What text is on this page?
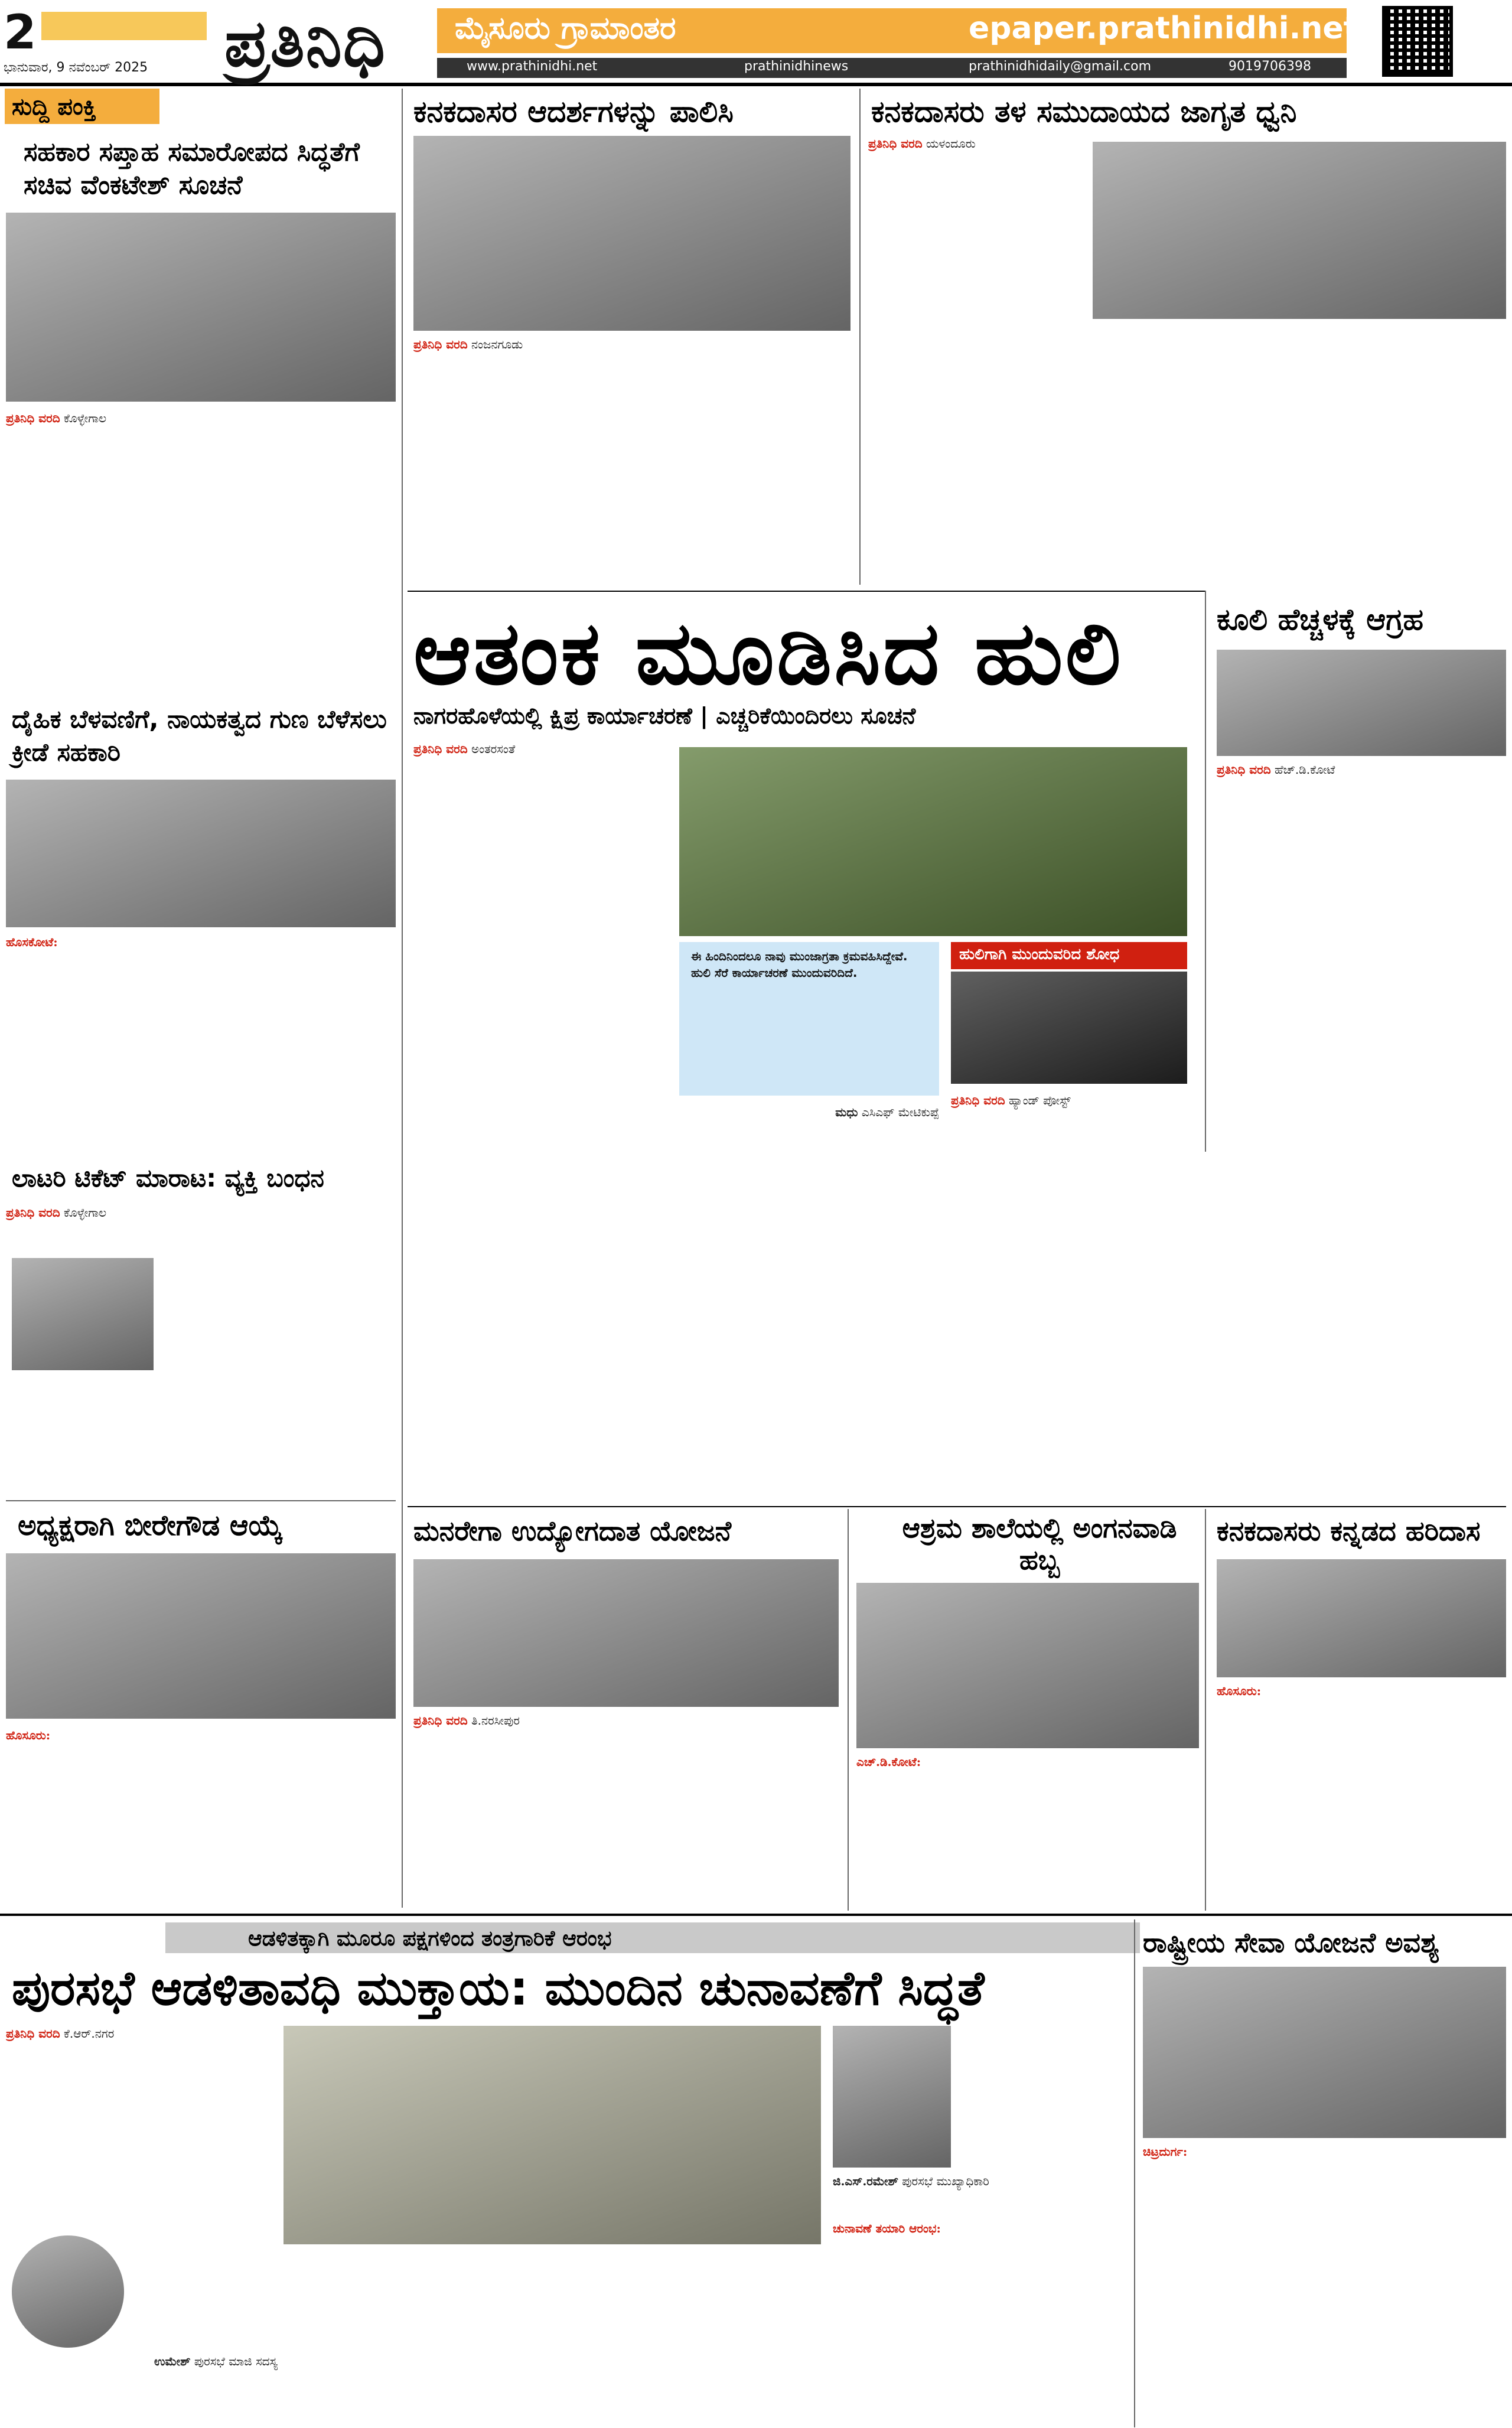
2
ಭಾನುವಾರ, 9 ನವೆಂಬರ್ 2025 ಪ್ರತಿನಿಧಿ ಮೈಸೂರು ಗ್ರಾಮಾಂತರ	epaper.prathinidhi.net
www.prathinidhi.net	prathinidhinews	prathinidhidaily@gmail.com	9019706398
ಸುದ್ದಿ ಪಂಕ್ತಿ
ಸಹಕಾರ ಸಪ್ತಾಹ ಸಮಾರೋಪದ ಸಿದ್ಧತೆಗೆ ಸಚಿವ ವೆಂಕಟೇಶ್ ಸೂಚನೆ
ಪ್ರತಿನಿಧಿ ವರದಿ ಕೊಳ್ಳೇಗಾಲ
ದೈಹಿಕ ಬೆಳವಣಿಗೆ, ನಾಯಕತ್ವದ ಗುಣ ಬೆಳೆಸಲು ಕ್ರೀಡೆ ಸಹಕಾರಿ
ಹೊಸಕೋಟೆ:
ಲಾಟರಿ ಟಿಕೆಟ್ ಮಾರಾಟ: ವ್ಯಕ್ತಿ ಬಂಧನ
ಪ್ರತಿನಿಧಿ ವರದಿ ಕೊಳ್ಳೇಗಾಲ
ಅಧ್ಯಕ್ಷರಾಗಿ ಬೀರೇಗೌಡ ಆಯ್ಕೆ
ಹೊಸೂರು:
ಕನಕದಾಸರ ಆದರ್ಶಗಳನ್ನು ಪಾಲಿಸಿ
ಪ್ರತಿನಿಧಿ ವರದಿ ನಂಜನಗೂಡು
ಕನಕದಾಸರು ತಳ ಸಮುದಾಯದ ಜಾಗೃತ ಧ್ವನಿ
ಪ್ರತಿನಿಧಿ ವರದಿ ಯಳಂದೂರು
ಆತಂಕ ಮೂಡಿಸಿದ ಹುಲಿ
ನಾಗರಹೊಳೆಯಲ್ಲಿ ಕ್ಷಿಪ್ರ ಕಾರ್ಯಾಚರಣೆ | ಎಚ್ಚರಿಕೆಯಿಂದಿರಲು ಸೂಚನೆ
ಪ್ರತಿನಿಧಿ ವರದಿ ಅಂತರಸಂತೆ
ಈ ಹಿಂದಿನಿಂದಲೂ ನಾವು ಮುಂಜಾಗ್ರತಾ ಕ್ರಮವಹಿಸಿದ್ದೇವೆ. ಹುಲಿ ಸೆರೆ ಕಾರ್ಯಾಚರಣೆ ಮುಂದುವರಿದಿದೆ.
ಹುಲಿಗಾಗಿ ಮುಂದುವರಿದ ಶೋಧ
ಪ್ರತಿನಿಧಿ ವರದಿ ಹ್ಯಾಂಡ್ ಪೋಸ್ಟ್
ಮಧು ಎಸಿಎಫ್ ಮೇಟಿಕುಪ್ಪೆ
ಕೂಲಿ ಹೆಚ್ಚಳಕ್ಕೆ ಆಗ್ರಹ
ಪ್ರತಿನಿಧಿ ವರದಿ ಹೆಚ್.ಡಿ.ಕೋಟೆ
ಮನರೇಗಾ ಉದ್ಯೋಗದಾತ ಯೋಜನೆ
ಪ್ರತಿನಿಧಿ ವರದಿ ತಿ.ನರಸೀಪುರ
ಆಶ್ರಮ ಶಾಲೆಯಲ್ಲಿ ಅಂಗನವಾಡಿ ಹಬ್ಬ
ಎಚ್.ಡಿ.ಕೋಟೆ:
ಕನಕದಾಸರು ಕನ್ನಡದ ಹರಿದಾಸ
ಹೊಸೂರು:
ಆಡಳಿತಕ್ಕಾಗಿ ಮೂರೂ ಪಕ್ಷಗಳಿಂದ ತಂತ್ರಗಾರಿಕೆ ಆರಂಭ
ಪುರಸಭೆ ಆಡಳಿತಾವಧಿ ಮುಕ್ತಾಯ: ಮುಂದಿನ ಚುನಾವಣೆಗೆ ಸಿದ್ಧತೆ
ಪ್ರತಿನಿಧಿ ವರದಿ ಕೆ.ಆರ್.ನಗರ
ಉಮೇಶ್ ಪುರಸಭೆ ಮಾಜಿ ಸದಸ್ಯ
ಜಿ.ಎಸ್.ರಮೇಶ್ ಪುರಸಭೆ ಮುಖ್ಯಾಧಿಕಾರಿ
ಚುನಾವಣೆ ತಯಾರಿ ಆರಂಭ:
ರಾಷ್ಟ್ರೀಯ ಸೇವಾ ಯೋಜನೆ ಅವಶ್ಯ
ಚಿಟ್ರದುರ್ಗ:
